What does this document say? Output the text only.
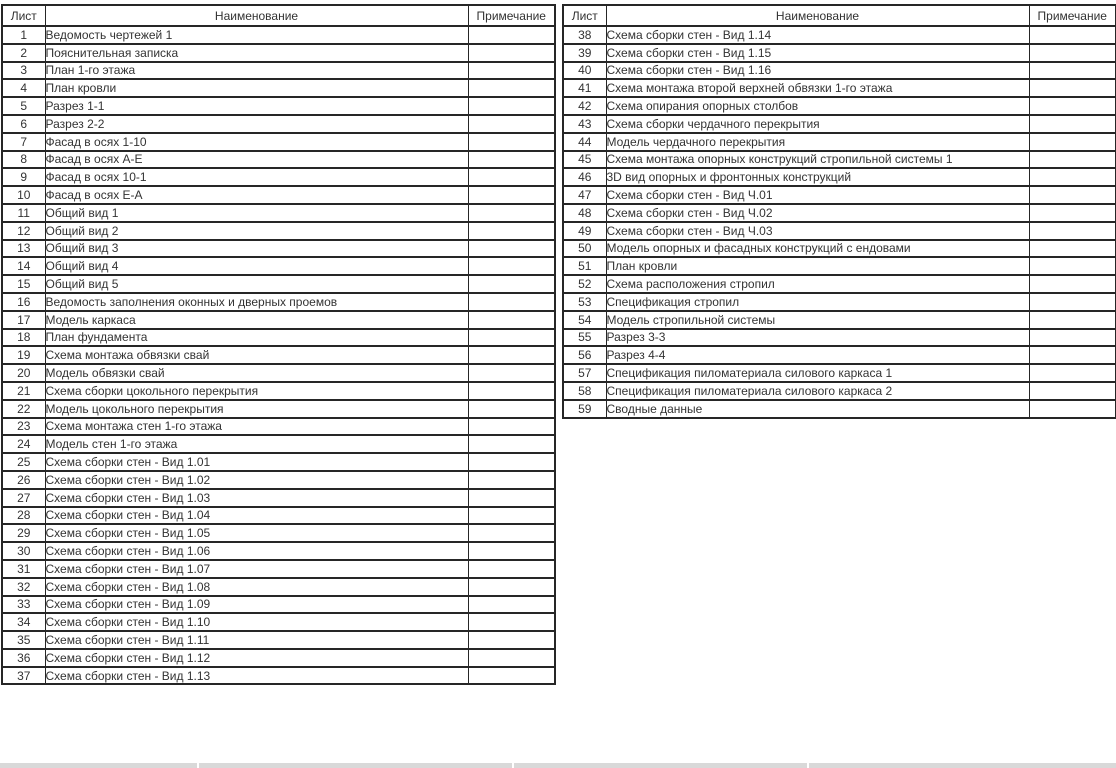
Лист	Наименование	Примечание
1	Ведомость чертежей 1	
2	Пояснительная записка	
3	План 1-го этажа	
4	План кровли	
5	Разрез 1-1	
6	Разрез 2-2	
7	Фасад в осях 1-10	
8	Фасад в осях А-Е	
9	Фасад в осях 10-1	
10	Фасад в осях Е-А	
11	Общий вид 1	
12	Общий вид 2	
13	Общий вид 3	
14	Общий вид 4	
15	Общий вид 5	
16	Ведомость заполнения оконных и дверных проемов	
17	Модель каркаса	
18	План фундамента	
19	Схема монтажа обвязки свай	
20	Модель обвязки свай	
21	Схема сборки цокольного перекрытия	
22	Модель цокольного перекрытия	
23	Схема монтажа стен 1-го этажа	
24	Модель стен 1-го этажа	
25	Схема сборки стен - Вид 1.01	
26	Схема сборки стен - Вид 1.02	
27	Схема сборки стен - Вид 1.03	
28	Схема сборки стен - Вид 1.04	
29	Схема сборки стен - Вид 1.05	
30	Схема сборки стен - Вид 1.06	
31	Схема сборки стен - Вид 1.07	
32	Схема сборки стен - Вид 1.08	
33	Схема сборки стен - Вид 1.09	
34	Схема сборки стен - Вид 1.10	
35	Схема сборки стен - Вид 1.11	
36	Схема сборки стен - Вид 1.12	
37	Схема сборки стен - Вид 1.13	
Лист	Наименование	Примечание
38	Схема сборки стен - Вид 1.14	
39	Схема сборки стен - Вид 1.15	
40	Схема сборки стен - Вид 1.16	
41	Схема монтажа второй верхней обвязки 1-го этажа	
42	Схема опирания опорных столбов	
43	Схема сборки чердачного перекрытия	
44	Модель чердачного перекрытия	
45	Схема монтажа опорных конструкций стропильной системы 1	
46	3D вид опорных и фронтонных конструкций	
47	Схема сборки стен - Вид Ч.01	
48	Схема сборки стен - Вид Ч.02	
49	Схема сборки стен - Вид Ч.03	
50	Модель опорных и фасадных конструкций с ендовами	
51	План кровли	
52	Схема расположения стропил	
53	Спецификация стропил	
54	Модель стропильной системы	
55	Разрез 3-3	
56	Разрез 4-4	
57	Спецификация пиломатериала силового каркаса 1	
58	Спецификация пиломатериала силового каркаса 2	
59	Сводные данные	
